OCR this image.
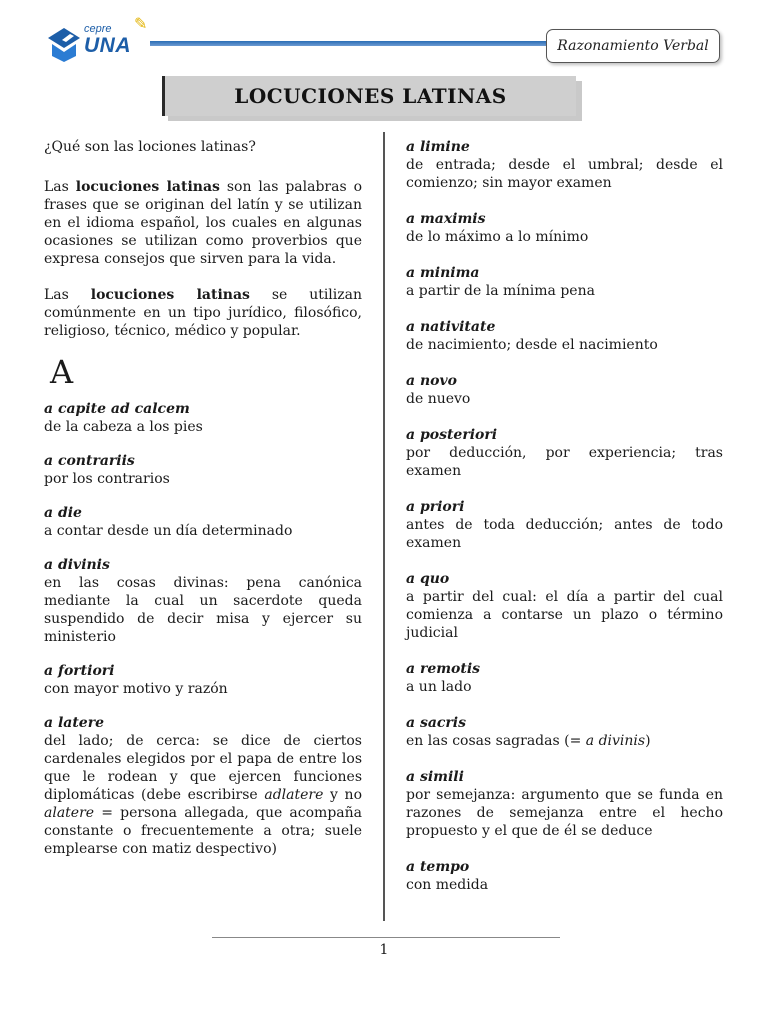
cepre
UNA
✎
Razonamiento Verbal
LOCUCIONES LATINAS

¿Qué son las lociones latinas?

Las locuciones latinas son las palabras o frases que se originan del latín y se utilizan en el idioma español, los cuales en algunas ocasiones se utilizan como proverbios que expresa consejos que sirven para la vida.

Las locuciones latinas se utilizan comúnmente en un tipo jurídico, filosófico, religioso, técnico, médico y popular.

A

a capite ad calcem

de la cabeza a los pies

a contrariis

por los contrarios

a die

a contar desde un día determinado

a divinis

en las cosas divinas: pena canónica mediante la cual un sacerdote queda suspendido de decir misa y ejercer su ministerio

a fortiori

con mayor motivo y razón

a latere

del lado; de cerca: se dice de ciertos cardenales elegidos por el papa de entre los que le rodean y que ejercen funciones diplomáticas (debe escribirse adlatere y no alatere = persona allegada, que acompaña constante o frecuentemente a otra; suele emplearse con matiz despectivo)

a limine

de entrada; desde el umbral; desde el comienzo; sin mayor examen

a maximis

de lo máximo a lo mínimo

a minima

a partir de la mínima pena

a nativitate

de nacimiento; desde el nacimiento

a novo

de nuevo

a posteriori

por deducción, por experiencia; tras examen

a priori

antes de toda deducción; antes de todo examen

a quo

a partir del cual: el día a partir del cual comienza a contarse un plazo o término judicial

a remotis

a un lado

a sacris

en las cosas sagradas (= a divinis)

a simili

por semejanza: argumento que se funda en razones de semejanza entre el hecho propuesto y el que de él se deduce

a tempo

con medida

1
